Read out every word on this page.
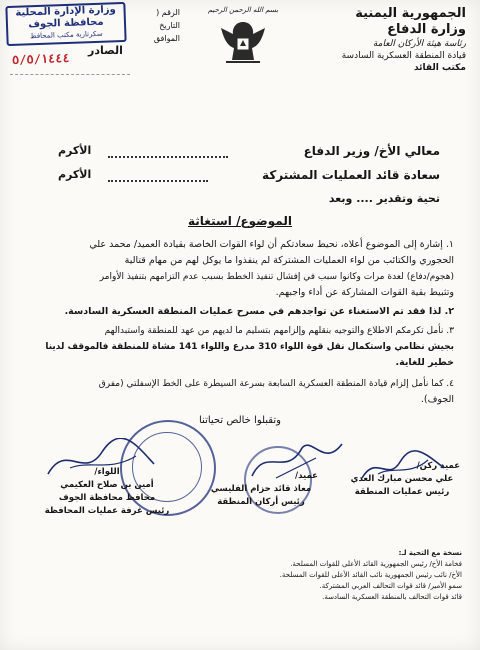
الجمهورية اليمنية
وزارة الدفاع
رئاسة هيئة الأركان العامة
قيادة المنطقة العسكرية السادسة
مكتب القائد
بسم الله الرحمن الرحيم
وزارة الإدارة المحلية
محافظة الجوف
سكرتارية مكتب المحافظ
الرقم (
التاريخ
الموافق
الصادر
٥/٥/١٤٤٤
معالي الأخ/ وزير الدفاع
الأكرم
سعادة قائد العمليات المشتركة
الأكرم
تحية وتقدير .... وبعد
الموضوع/ استغاثة
١. إشارة إلى الموضوع أعلاه، نحيط سعادتكم أن لواء القوات الخاصة بقيادة العميد/ محمد علي
الحجوري والكتائب من لواء العمليات المشتركة لم ينفذوا ما يوكل لهم من مهام قتالية
(هجوم/دفاع) لعدة مرات وكانوا سبب في إفشال تنفيذ الخطط بسبب عدم التزامهم بتنفيذ الأوامر
وتثبيط بقية القوات المشاركة عن أداء واجبهم.
٢. لذا فقد تم الاستغناء عن تواجدهم في مسرح عمليات المنطقة العسكرية السادسة.
٣. نأمل تكرمكم الاطلاع والتوجيه بنقلهم وإلزامهم بتسليم ما لديهم من عهد للمنطقة واستبدالهم
بجيش نظامي واستكمال نقل قوة اللواء 310 مدرع واللواء 141 مشاة للمنطقة فالموقف لدينا
خطير للغاية.
٤. كما نأمل إلزام قيادة المنطقة العسكرية السابعة بسرعة السيطرة على الخط الإسفلتي (مفرق
الجوف).
وتقبلوا خالص تحياتنا
عميد ركن/
علي محسن مبارك العدي
رئيس عمليات المنطقة
عميد/
معاذ قائد حزام الفليسي
رئيس أركان المنطقة
اللواء/
أمين بن صلاح العكيمي
محافظ محافظة الجوف
رئيس غرفة عمليات المحافظة
نسخة مع التحية لـ:
فخامة الأخ/ رئيس الجمهورية القائد الأعلى للقوات المسلحة.
الأخ/ نائب رئيس الجمهورية نائب القائد الأعلى للقوات المسلحة.
سمو الأمير/ قائد قوات التحالف العربي المشتركة.
قائد قوات التحالف بالمنطقة العسكرية السادسة.
